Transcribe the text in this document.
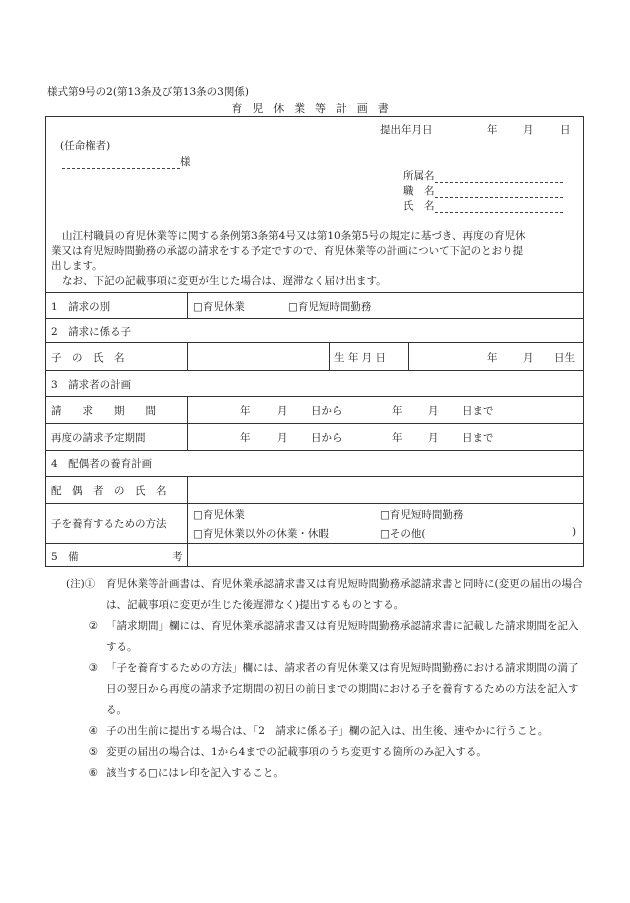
様式第9号の2(第13条及び第13条の3関係)
育児休業等計画書
提出年月日	年 月	日
(任命権者)
様
所属名
職　名
氏　名
山江村職員の育児休業等に関する条例第3条第4号又は第10条第5号の規定に基づき、再度の育児休
業又は育児短時間勤務の承認の請求をする予定ですので、育児休業等の計画について下記のとおり提
出します。
なお、下記の記載事項に変更が生じた場合は、遅滞なく届け出ます。
1　請求の別	□育児休業	□育児短時間勤務
2　請求に係る子
子　の　氏　名	生 年 月 日	年 月 日生
3　請求者の計画
請　　求　　期　　間	年	月 日から	年 月 日まで
再度の請求予定期間	年	月 日から	年 月 日まで
4　配偶者の養育計画
配　偶　者　の　氏　名
子を養育するための方法
□育児休業	□育児短時間勤務
□育児休業以外の休業・休暇	□その他(	)
5　備	考
(注)①	育児休業等計画書は、育児休業承認請求書又は育児短時間勤務承認請求書と同時に(変更の届出の場合は、記載事項に変更が生じた後遅滞なく)提出するものとする。
② 「請求期間」欄には、育児休業承認請求書又は育児短時間勤務承認請求書に記載した請求期間を記入する。
③ 「子を養育するための方法」欄には、請求者の育児休業又は育児短時間勤務における請求期間の満了日の翌日から再度の請求予定期間の初日の前日までの期間における子を養育するための方法を記入する。
④ 子の出生前に提出する場合は、「2　請求に係る子」欄の記入は、出生後、速やかに行うこと。
⑤ 変更の届出の場合は、1から4までの記載事項のうち変更する箇所のみ記入する。
⑥ 該当する□にはレ印を記入すること。
